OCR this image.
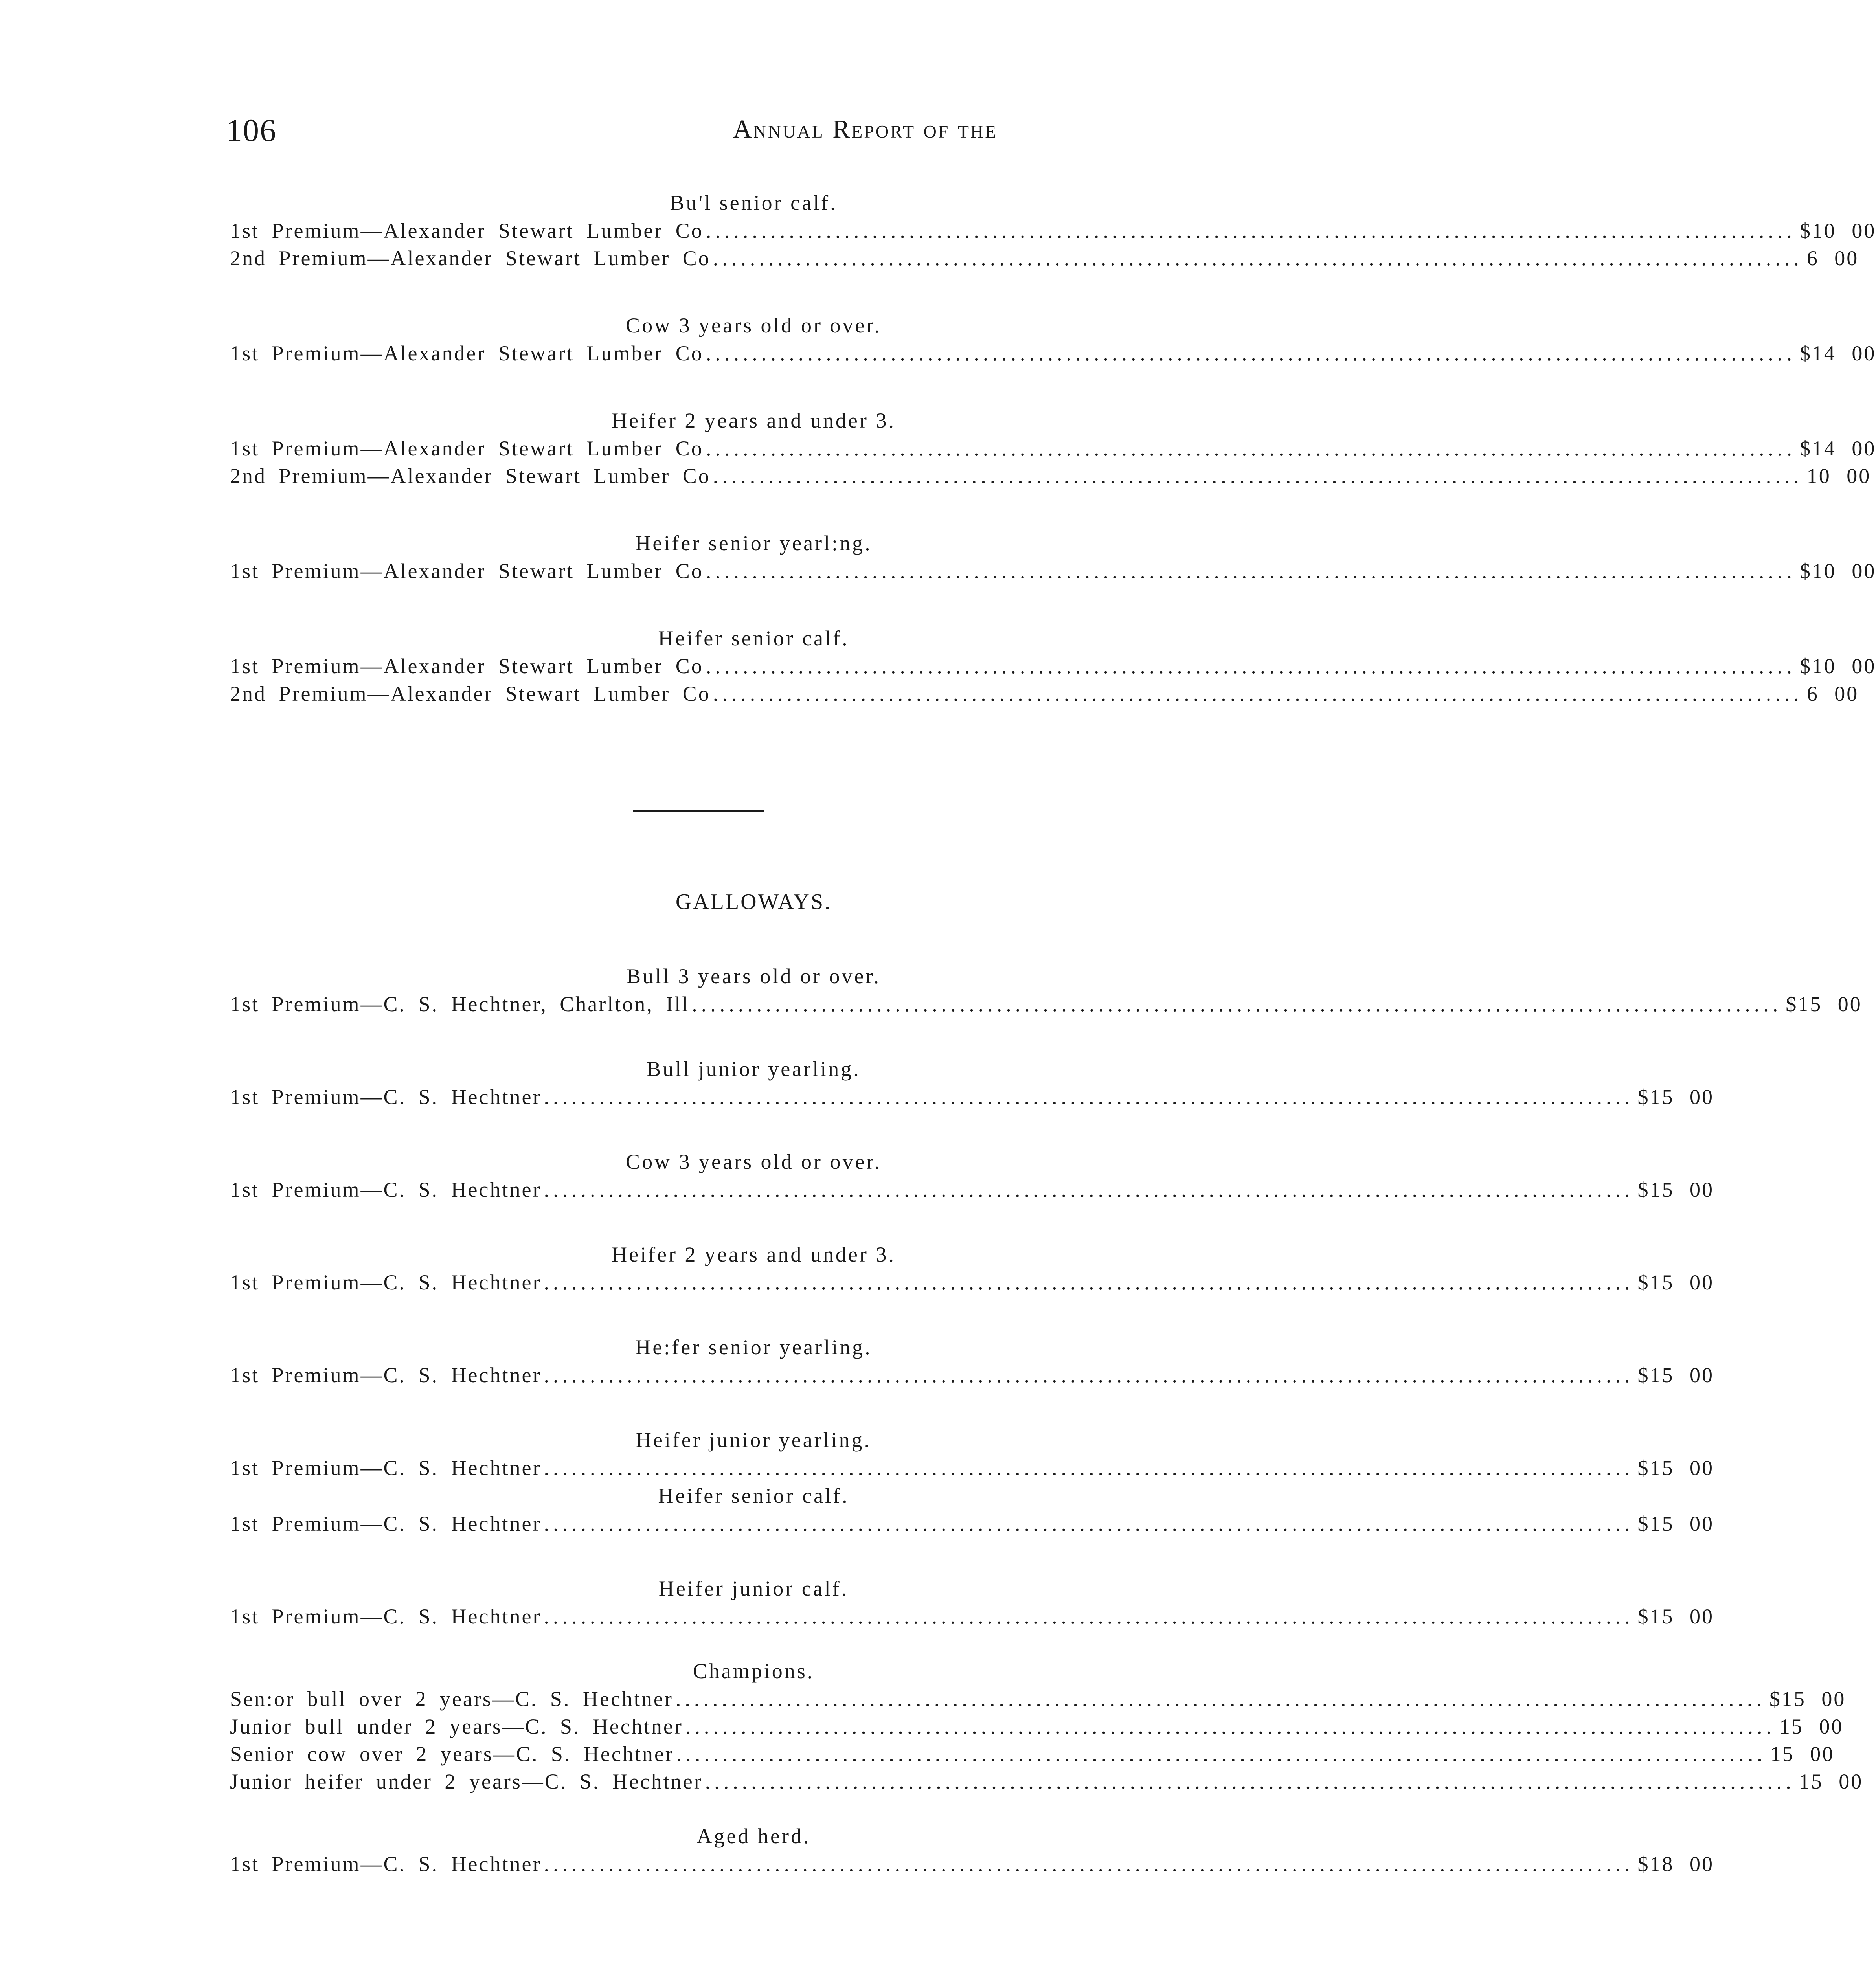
106	Annual Report of the
Bu'l senior calf.
1st Premium—Alexander Stewart Lumber Co ...................................................................................................................... $10 00
2nd Premium—Alexander Stewart Lumber Co ...................................................................................................................... 6 00
Cow 3 years old or over.
1st Premium—Alexander Stewart Lumber Co ...................................................................................................................... $14 00
Heifer 2 years and under 3.
1st Premium—Alexander Stewart Lumber Co ...................................................................................................................... $14 00
2nd Premium—Alexander Stewart Lumber Co ...................................................................................................................... 10 00
Heifer senior yearl:ng.
1st Premium—Alexander Stewart Lumber Co ...................................................................................................................... $10 00
Heifer senior calf.
1st Premium—Alexander Stewart Lumber Co ...................................................................................................................... $10 00
2nd Premium—Alexander Stewart Lumber Co ...................................................................................................................... 6 00
GALLOWAYS.
Bull 3 years old or over.
1st Premium—C. S. Hechtner, Charlton, Ill ...................................................................................................................... $15 00
Bull junior yearling.
1st Premium—C. S. Hechtner ...................................................................................................................... $15 00
Cow 3 years old or over.
1st Premium—C. S. Hechtner ...................................................................................................................... $15 00
Heifer 2 years and under 3.
1st Premium—C. S. Hechtner ...................................................................................................................... $15 00
He:fer senior yearling.
1st Premium—C. S. Hechtner ...................................................................................................................... $15 00
Heifer junior yearling.
1st Premium—C. S. Hechtner ...................................................................................................................... $15 00
Heifer senior calf.
1st Premium—C. S. Hechtner ...................................................................................................................... $15 00
Heifer junior calf.
1st Premium—C. S. Hechtner ...................................................................................................................... $15 00
Champions.
Sen:or bull over 2 years—C. S. Hechtner ...................................................................................................................... $15 00
Junior bull under 2 years—C. S. Hechtner ...................................................................................................................... 15 00
Senior cow over 2 years—C. S. Hechtner ...................................................................................................................... 15 00
Junior heifer under 2 years—C. S. Hechtner ...................................................................................................................... 15 00
Aged herd.
1st Premium—C. S. Hechtner ...................................................................................................................... $18 00
